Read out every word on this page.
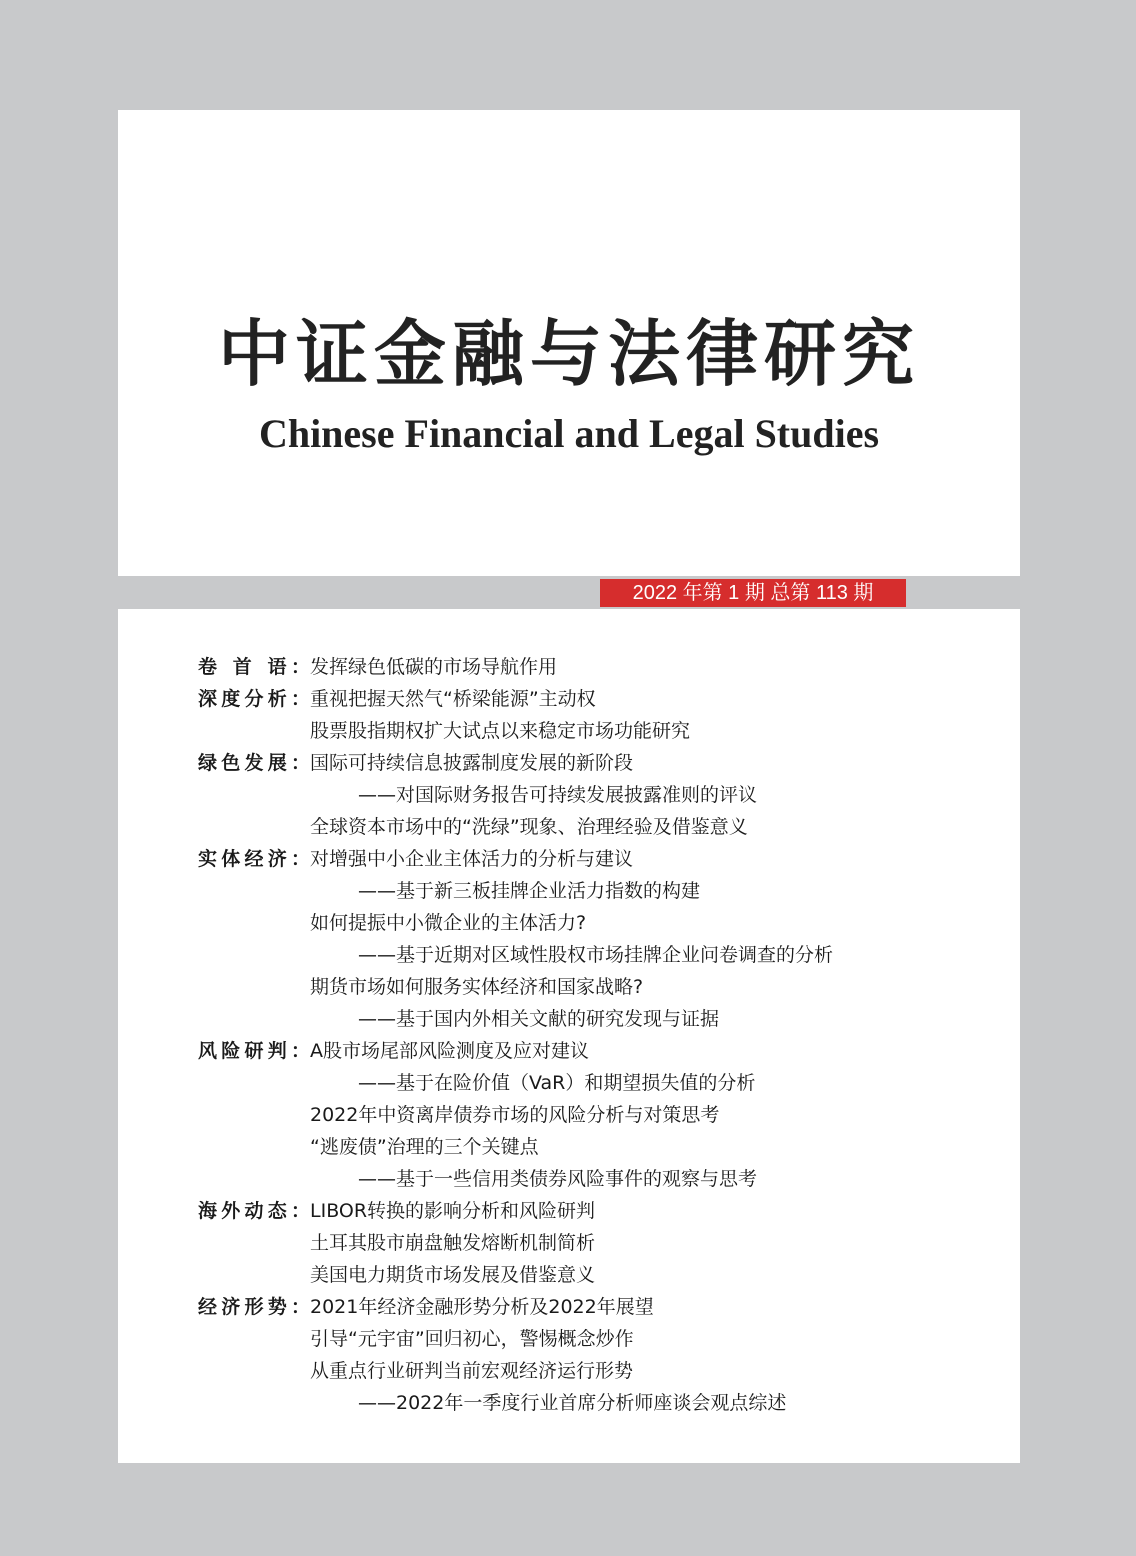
中证金融与法律研究
Chinese Financial and Legal Studies
2022 年第 1 期 总第 113 期
卷 首 语： 发挥绿色低碳的市场导航作用
深度分析： 重视把握天然气“桥梁能源”主动权
股票股指期权扩大试点以来稳定市场功能研究
绿色发展： 国际可持续信息披露制度发展的新阶段
——对国际财务报告可持续发展披露准则的评议
全球资本市场中的“洗绿”现象、治理经验及借鉴意义
实体经济： 对增强中小企业主体活力的分析与建议
——基于新三板挂牌企业活力指数的构建
如何提振中小微企业的主体活力?
——基于近期对区域性股权市场挂牌企业问卷调查的分析
期货市场如何服务实体经济和国家战略?
——基于国内外相关文献的研究发现与证据
风险研判： A股市场尾部风险测度及应对建议
——基于在险价值（VaR）和期望损失值的分析
2022年中资离岸债券市场的风险分析与对策思考
“逃废债”治理的三个关键点
——基于一些信用类债券风险事件的观察与思考
海外动态： LIBOR转换的影响分析和风险研判
土耳其股市崩盘触发熔断机制简析
美国电力期货市场发展及借鉴意义
经济形势： 2021年经济金融形势分析及2022年展望
引导“元宇宙”回归初心，警惕概念炒作
从重点行业研判当前宏观经济运行形势
——2022年一季度行业首席分析师座谈会观点综述
